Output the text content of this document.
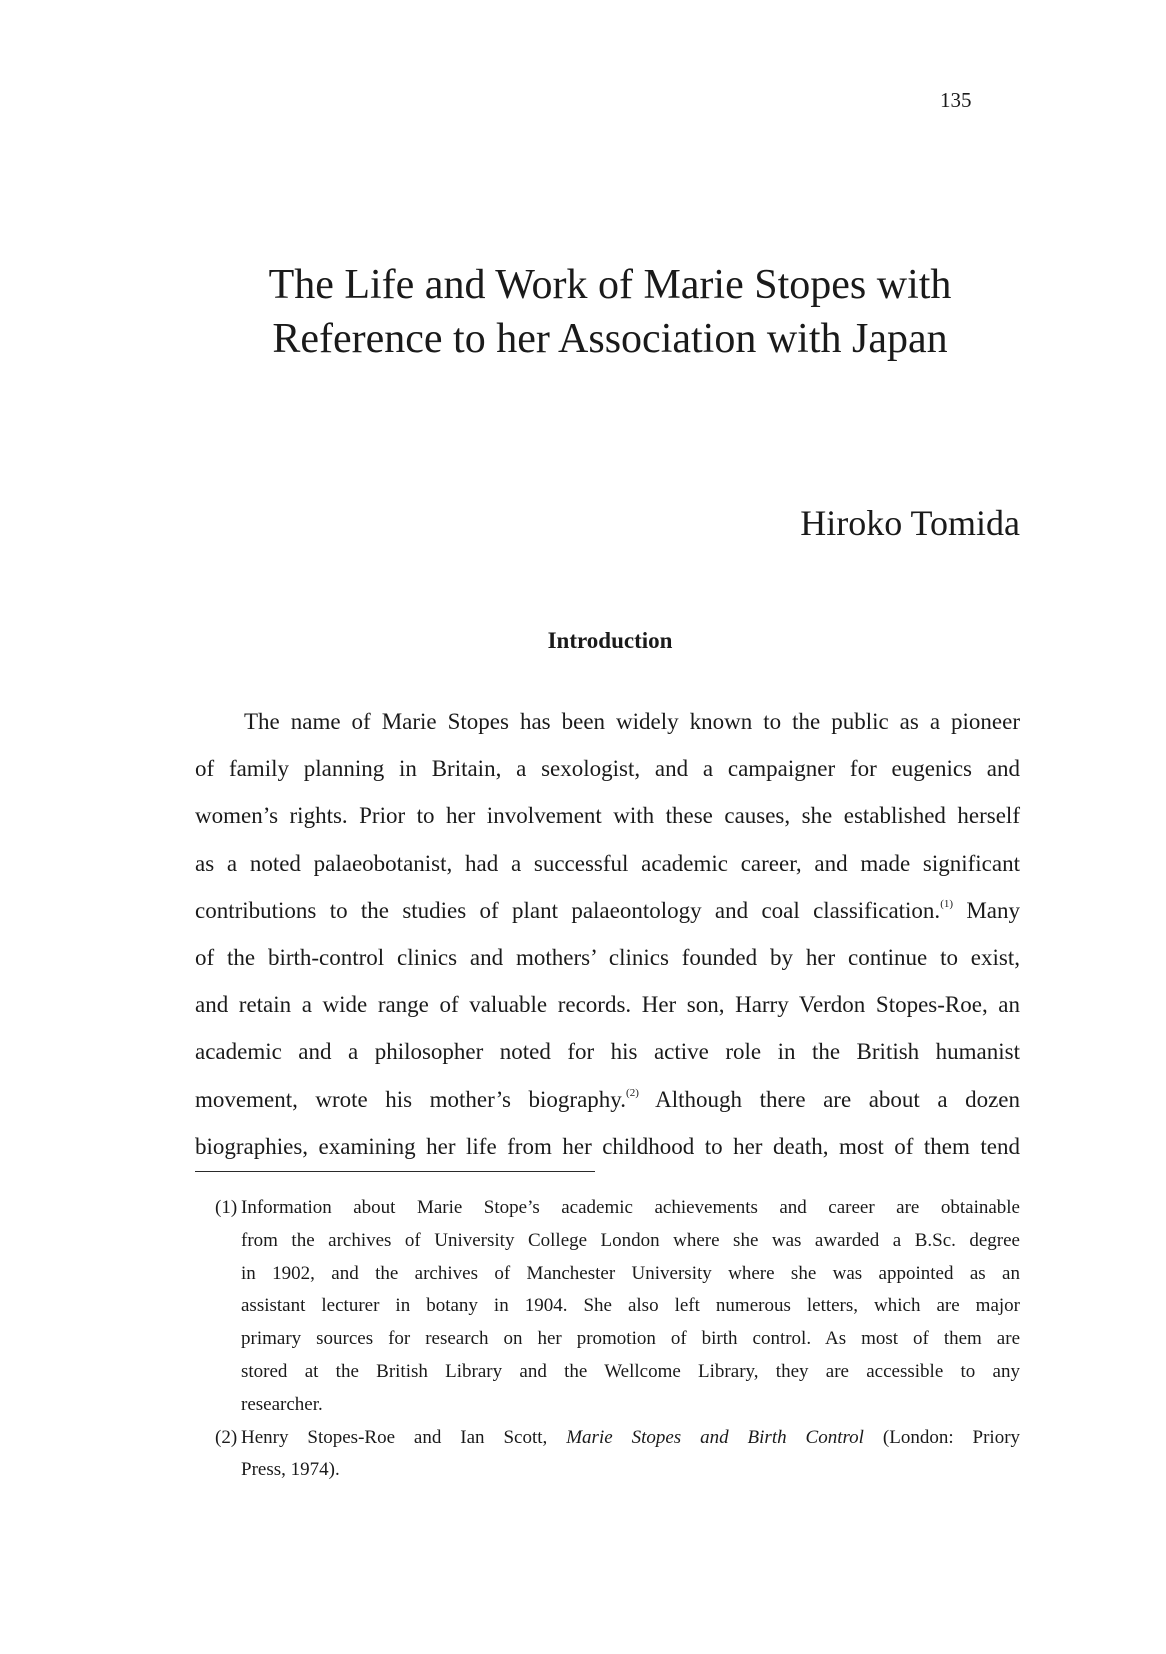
135
The Life and Work of Marie Stopes with
Reference to her Association with Japan
Hiroko Tomida
Introduction
The name of Marie Stopes has been widely known to the public as a pioneer
of family planning in Britain, a sexologist, and a campaigner for eugenics and
women’s rights. Prior to her involvement with these causes, she established herself
as a noted palaeobotanist, had a successful academic career, and made significant
contributions to the studies of plant palaeontology and coal classification.$^{(1)}$ Many
of the birth-control clinics and mothers’ clinics founded by her continue to exist,
and retain a wide range of valuable records. Her son, Harry Verdon Stopes-Roe, an
academic and a philosopher noted for his active role in the British humanist
movement, wrote his mother’s biography.$^{(2)}$ Although there are about a dozen
biographies, examining her life from her childhood to her death, most of them tend
(1) Information about Marie Stope’s academic achievements and career are obtainable
from the archives of University College London where she was awarded a B.Sc. degree
in 1902, and the archives of Manchester University where she was appointed as an
assistant lecturer in botany in 1904. She also left numerous letters, which are major
primary sources for research on her promotion of birth control. As most of them are
stored at the British Library and the Wellcome Library, they are accessible to any
researcher.
(2) Henry Stopes-Roe and Ian Scott, Marie Stopes and Birth Control (London: Priory
Press, 1974).
